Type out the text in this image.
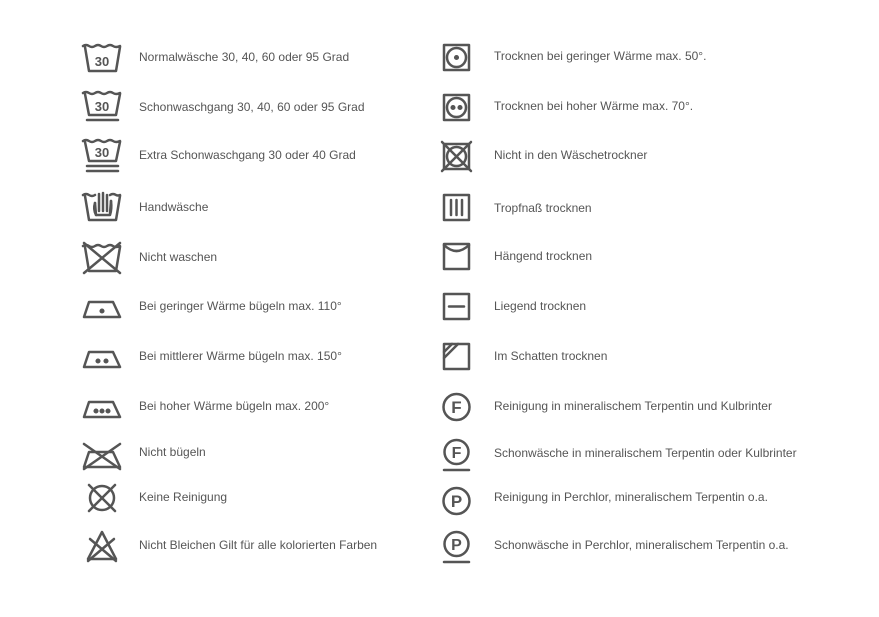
30 Normalwäsche 30, 40, 60 oder 95 Grad
30 Schonwaschgang 30, 40, 60 oder 95 Grad
30 Extra Schonwaschgang 30 oder 40 Grad
Handwäsche
Nicht waschen
Bei geringer Wärme bügeln max. 110°
Bei mittlerer Wärme bügeln max. 150°
Bei hoher Wärme bügeln max. 200°
Nicht bügeln
Keine Reinigung
Nicht Bleichen Gilt für alle kolorierten Farben
Trocknen bei geringer Wärme max. 50°.
Trocknen bei hoher Wärme max. 70°.
Nicht in den Wäschetrockner
Tropfnaß trocknen
Hängend trocknen
Liegend trocknen
Im Schatten trocknen
F	Reinigung in mineralischem Terpentin und Kulbrinter
F	Schonwäsche in mineralischem Terpentin oder Kulbrinter
P	Reinigung in Perchlor, mineralischem Terpentin o.a.
P	Schonwäsche in Perchlor, mineralischem Terpentin o.a.
